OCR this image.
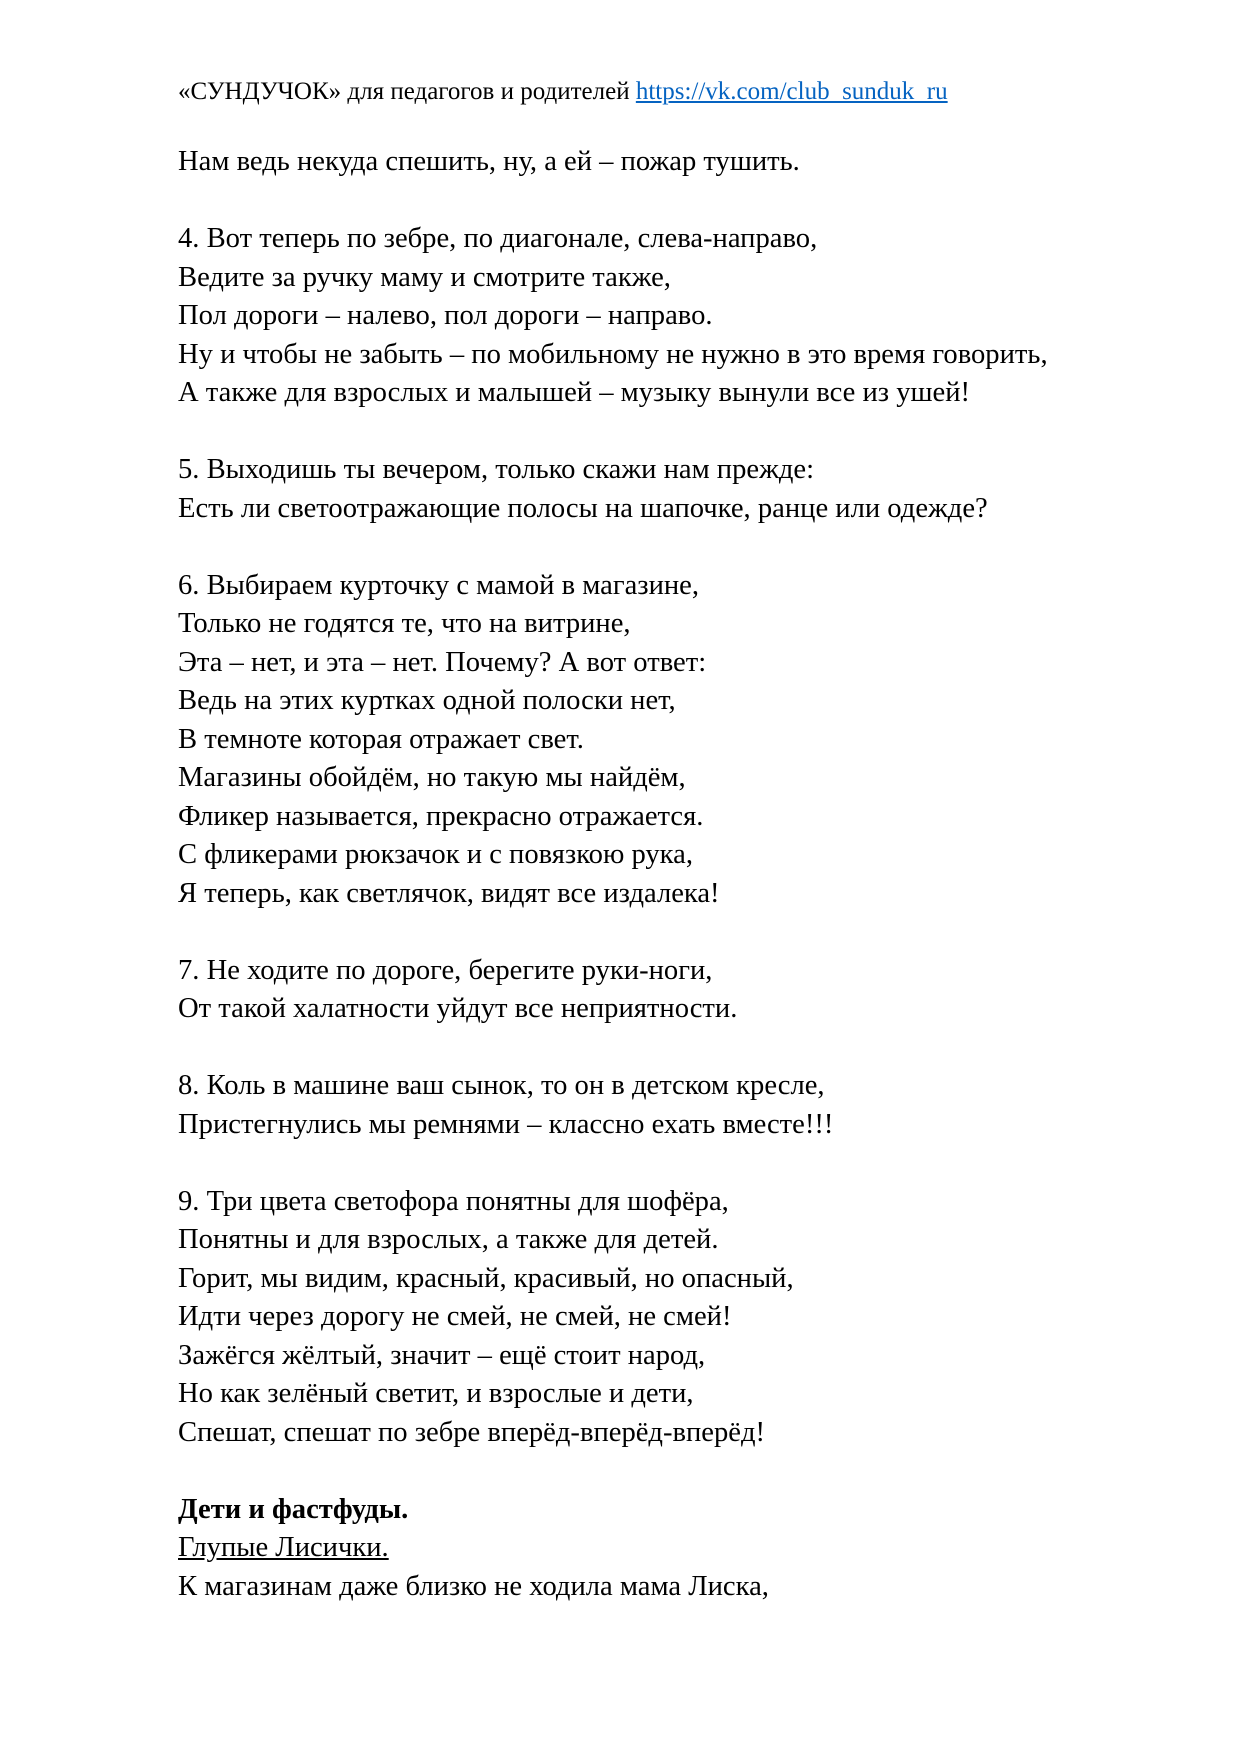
«СУНДУЧОК» для педагогов и родителей https://vk.com/club_sunduk_ru
Нам ведь некуда спешить, ну, а ей – пожар тушить.
4. Вот теперь по зебре, по диагонале, слева-направо,
Ведите за ручку маму и смотрите также,
Пол дороги – налево, пол дороги – направо.
Ну и чтобы не забыть – по мобильному не нужно в это время говорить,
А также для взрослых и малышей – музыку вынули все из ушей!
5. Выходишь ты вечером, только скажи нам прежде:
Есть ли светоотражающие полосы на шапочке, ранце или одежде?
6. Выбираем курточку с мамой в магазине,
Только не годятся те, что на витрине,
Эта – нет, и эта – нет. Почему? А вот ответ:
Ведь на этих куртках одной полоски нет,
В темноте которая отражает свет.
Магазины обойдём, но такую мы найдём,
Фликер называется, прекрасно отражается.
С фликерами рюкзачок и с повязкою рука,
Я теперь, как светлячок, видят все издалека!
7. Не ходите по дороге, берегите руки-ноги,
От такой халатности уйдут все неприятности.
8. Коль в машине ваш сынок, то он в детском кресле,
Пристегнулись мы ремнями – классно ехать вместе!!!
9. Три цвета светофора понятны для шофёра,
Понятны и для взрослых, а также для детей.
Горит, мы видим, красный, красивый, но опасный,
Идти через дорогу не смей, не смей, не смей!
Зажёгся жёлтый, значит – ещё стоит народ,
Но как зелёный светит, и взрослые и дети,
Спешат, спешат по зебре вперёд-вперёд-вперёд!
Дети и фастфуды.
Глупые Лисички.
К магазинам даже близко не ходила мама Лиска,
